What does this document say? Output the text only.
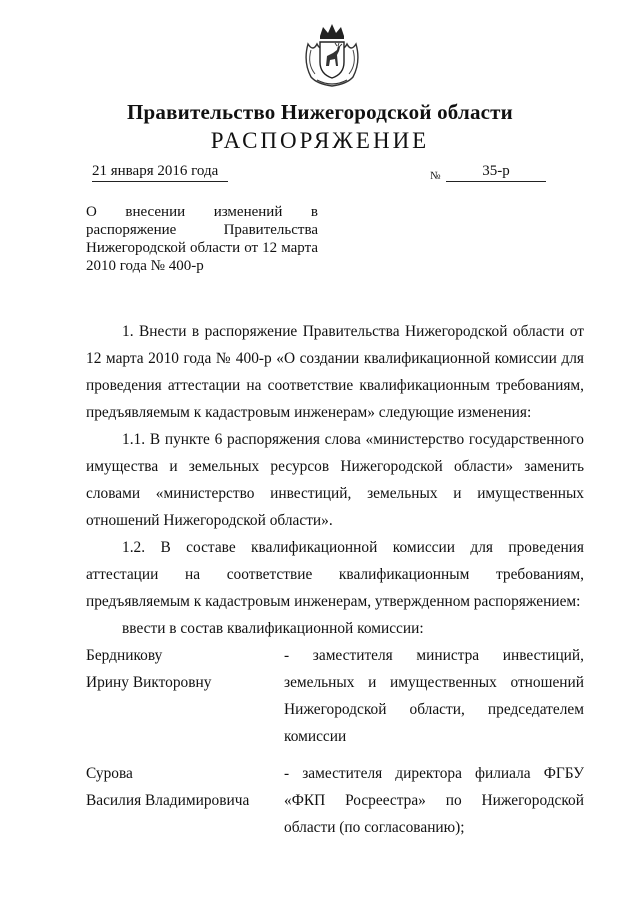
Правительство Нижегородской области
РАСПОРЯЖЕНИЕ
21 января 2016 года	№	35-р
О внесении изменений в распоряжение Правительства Нижегородской области от 12 марта 2010 года № 400-р

1. Внести в распоряжение Правительства Нижегородской области от 12 марта 2010 года № 400-р «О создании квалификационной комиссии для проведения аттестации на соответствие квалификационным требованиям, предъявляемым к кадастровым инженерам» следующие изменения:

1.1. В пункте 6 распоряжения слова «министерство государственного имущества и земельных ресурсов Нижегородской области» заменить словами «министерство инвестиций, земельных и имущественных отношений Нижегородской области».

1.2. В составе квалификационной комиссии для проведения аттестации на соответствие квалификационным требованиям, предъявляемым к кадастровым инженерам, утвержденном распоряжением:

ввести в состав квалификационной комиссии:

Бердникову
Ирину Викторовну
- заместителя министра инвестиций, земельных и имущественных отношений Нижегородской области, председателем комиссии
Сурова
Василия Владимировича
- заместителя директора филиала ФГБУ «ФКП Росреестра» по Нижегородской области (по согласованию);
